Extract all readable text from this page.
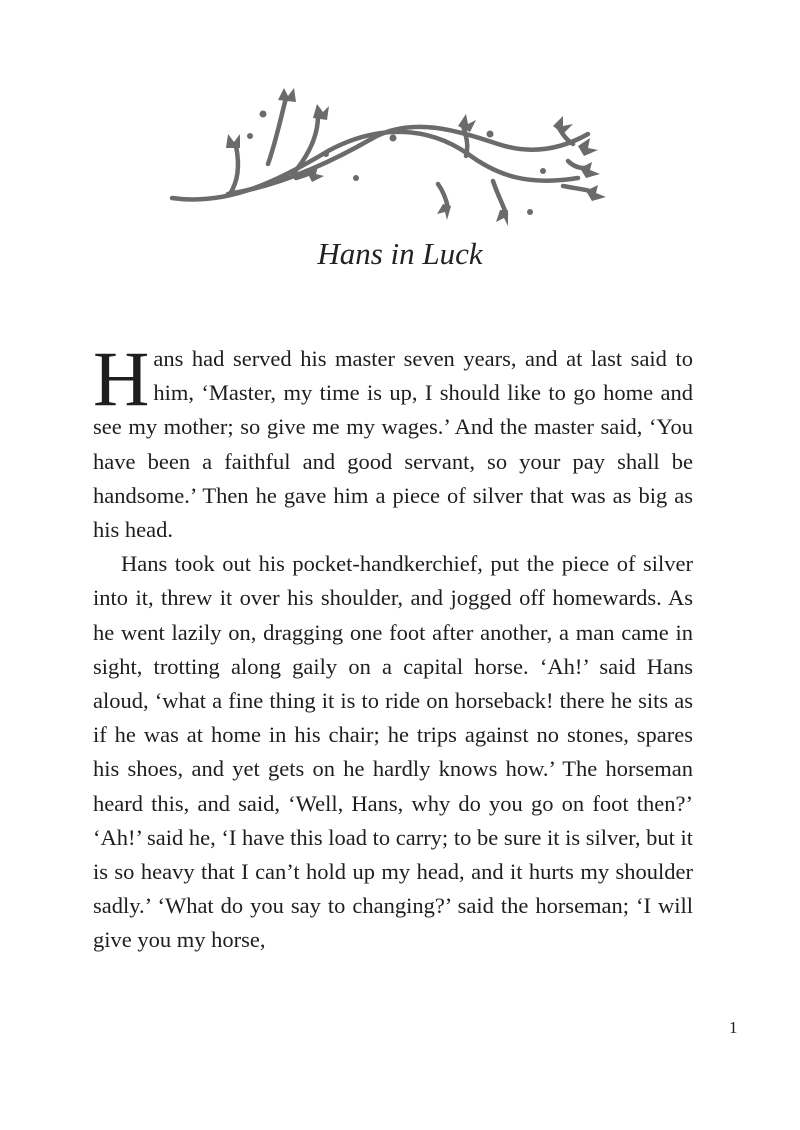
Hans in Luck

Hans had served his master seven years, and at last said to him, ‘Master, my time is up, I should like to go home and see my mother; so give me my wages.’ And the master said, ‘You have been a faithful and good servant, so your pay shall be handsome.’ Then he gave him a piece of silver that was as big as his head.

Hans took out his pocket-handkerchief, put the piece of silver into it, threw it over his shoulder, and jogged off homewards. As he went lazily on, dragging one foot after another, a man came in sight, trotting along gaily on a capital horse. ‘Ah!’ said Hans aloud, ‘what a fine thing it is to ride on horseback! there he sits as if he was at home in his chair; he trips against no stones, spares his shoes, and yet gets on he hardly knows how.’ The horseman heard this, and said, ‘Well, Hans, why do you go on foot then?’ ‘Ah!’ said he, ‘I have this load to carry; to be sure it is silver, but it is so heavy that I can’t hold up my head, and it hurts my shoulder sadly.’ ‘What do you say to changing?’ said the horseman; ‘I will give you my horse,

1
